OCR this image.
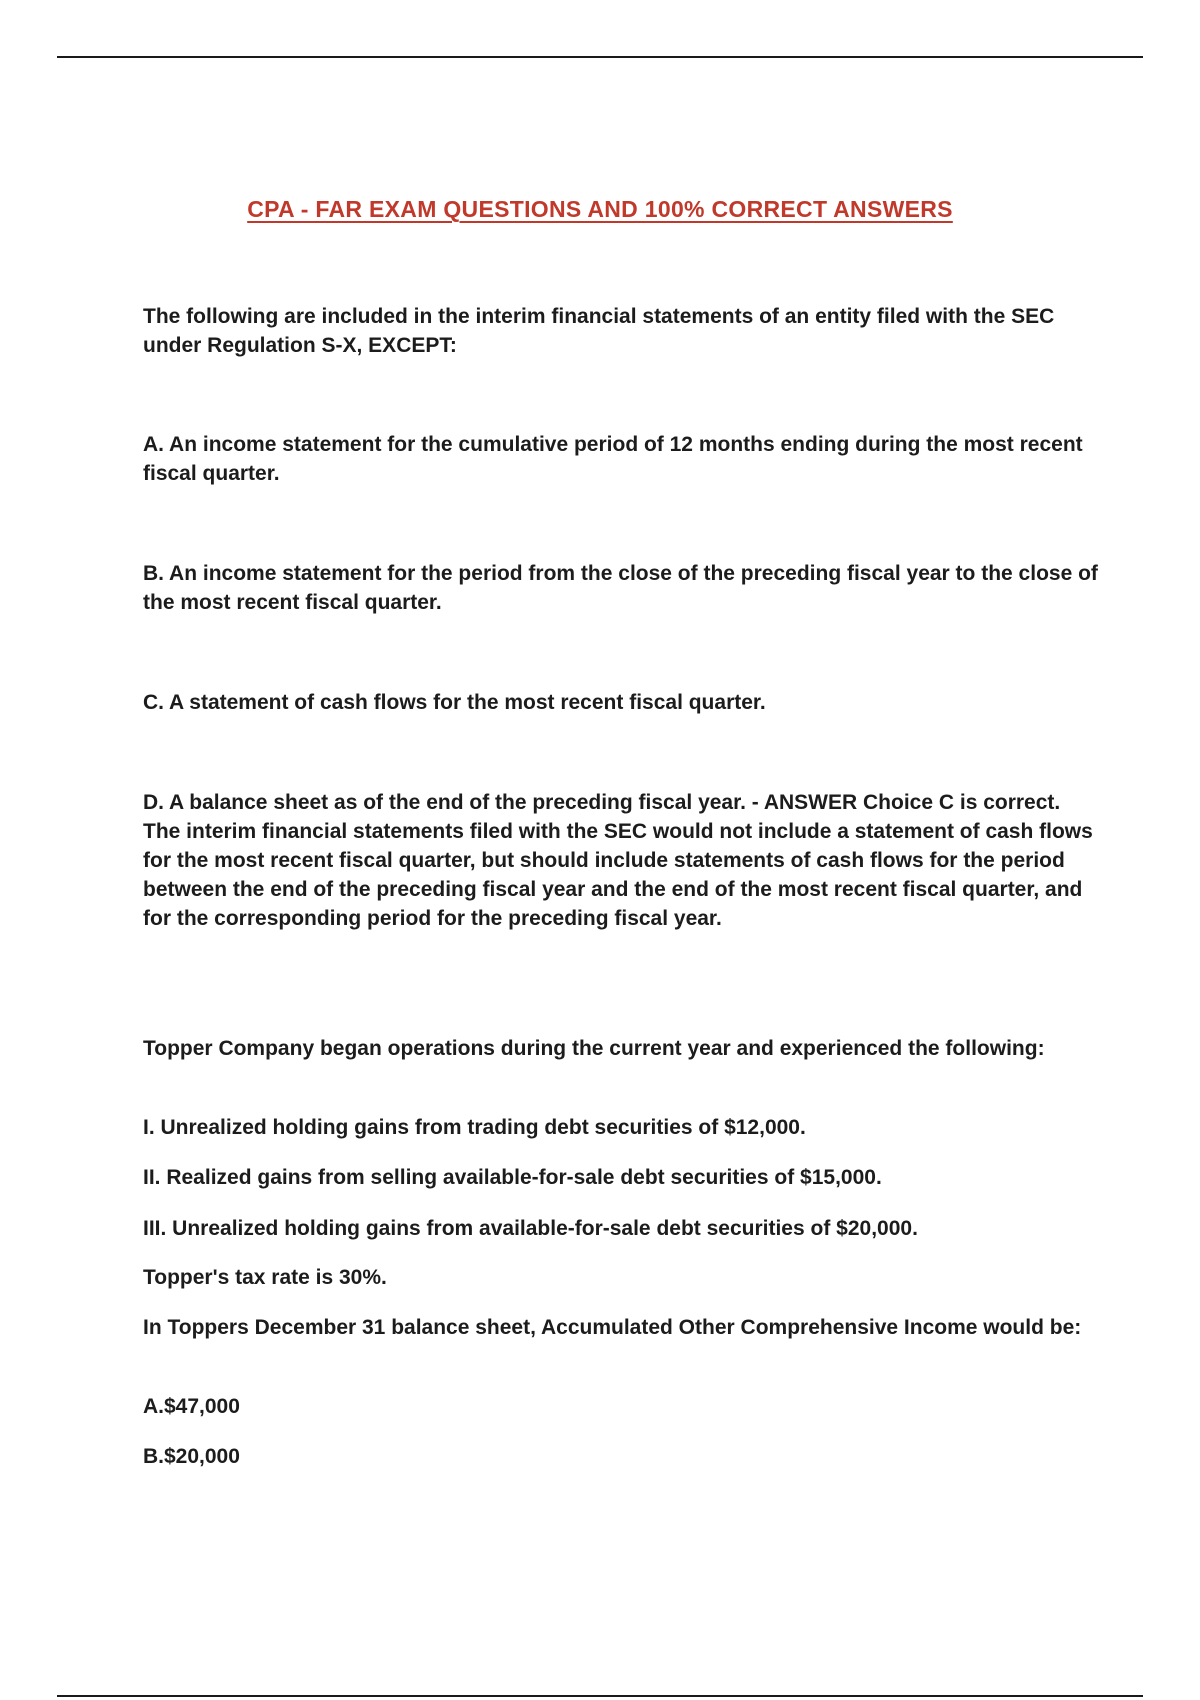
CPA - FAR EXAM QUESTIONS AND 100% CORRECT ANSWERS

The following are included in the interim financial statements of an entity filed with the SEC under Regulation S-X, EXCEPT:

A. An income statement for the cumulative period of 12 months ending during the most recent fiscal quarter.

B. An income statement for the period from the close of the preceding fiscal year to the close of the most recent fiscal quarter.

C. A statement of cash flows for the most recent fiscal quarter.

D. A balance sheet as of the end of the preceding fiscal year. - ANSWER Choice C is correct. The interim financial statements filed with the SEC would not include a statement of cash flows for the most recent fiscal quarter, but should include statements of cash flows for the period between the end of the preceding fiscal year and the end of the most recent fiscal quarter, and for the corresponding period for the preceding fiscal year.

Topper Company began operations during the current year and experienced the following:

I. Unrealized holding gains from trading debt securities of $12,000.

II. Realized gains from selling available-for-sale debt securities of $15,000.

III. Unrealized holding gains from available-for-sale debt securities of $20,000.

Topper's tax rate is 30%.

In Toppers December 31 balance sheet, Accumulated Other Comprehensive Income would be:

A.$47,000

B.$20,000
